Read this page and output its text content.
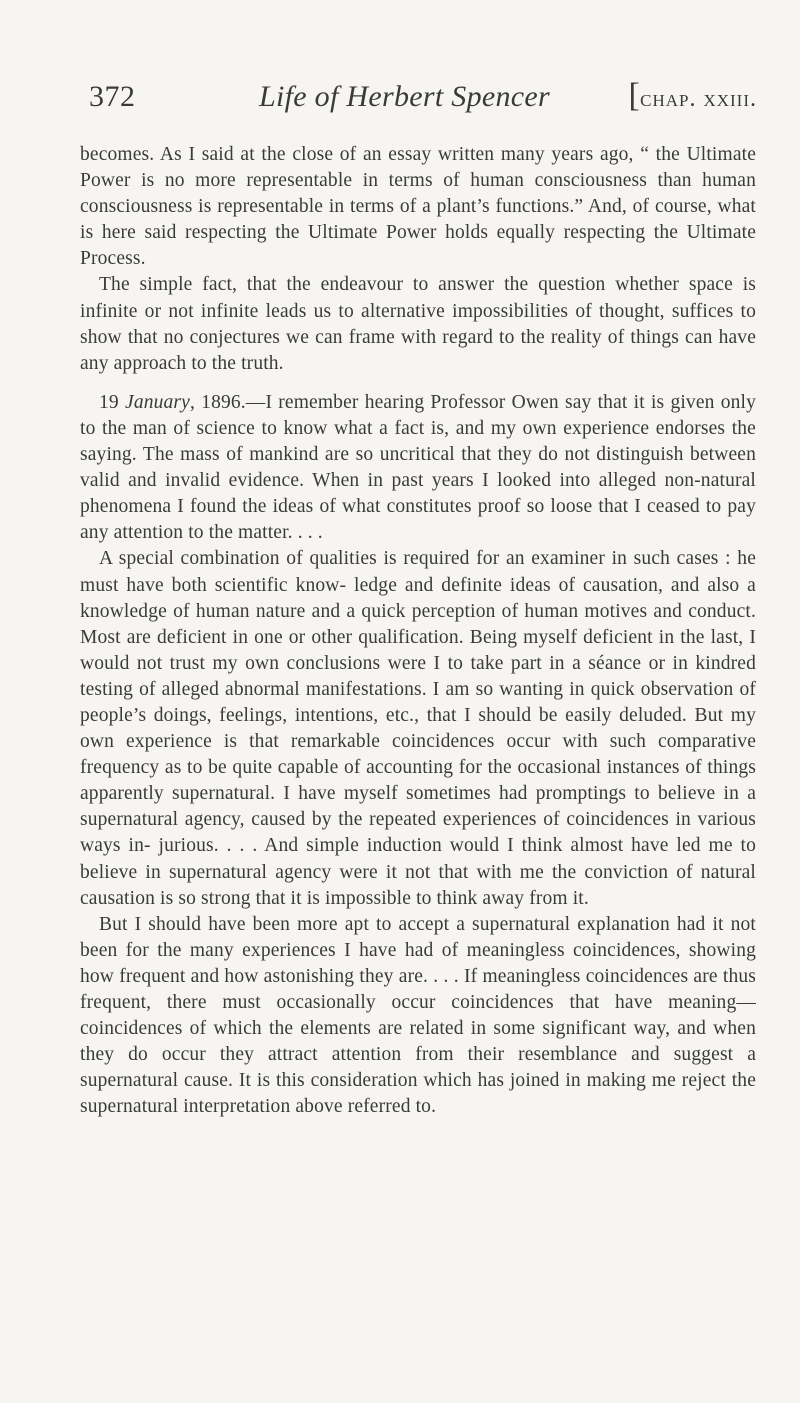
372	Life of Herbert Spencer [chap. xxiii.

becomes. As I said at the close of an essay written many years ago, “ the Ultimate Power is no more representable in terms of human consciousness than human consciousness is representable in terms of a plant’s functions.” And, of course, what is here said respecting the Ultimate Power holds equally respecting the Ultimate Process.

The simple fact, that the endeavour to answer the question whether space is infinite or not infinite leads us to alternative impossibilities of thought, suffices to show that no conjectures we can frame with regard to the reality of things can have any approach to the truth.

19 January, 1896.—I remember hearing Professor Owen say that it is given only to the man of science to know what a fact is, and my own experience endorses the saying. The mass of mankind are so uncritical that they do not distinguish between valid and invalid evidence. When in past years I looked into alleged non-natural phenomena I found the ideas of what constitutes proof so loose that I ceased to pay any attention to the matter. . . .

A special combination of qualities is required for an examiner in such cases : he must have both scientific know- ledge and definite ideas of causation, and also a knowledge of human nature and a quick perception of human motives and conduct. Most are deficient in one or other qualification. Being myself deficient in the last, I would not trust my own conclusions were I to take part in a séance or in kindred testing of alleged abnormal manifestations. I am so wanting in quick observation of people’s doings, feelings, intentions, etc., that I should be easily deluded. But my own experience is that remarkable coincidences occur with such comparative frequency as to be quite capable of accounting for the occasional instances of things apparently supernatural. I have myself sometimes had promptings to believe in a supernatural agency, caused by the repeated experiences of coincidences in various ways in- jurious. . . . And simple induction would I think almost have led me to believe in supernatural agency were it not that with me the conviction of natural causation is so strong that it is impossible to think away from it.

But I should have been more apt to accept a supernatural explanation had it not been for the many experiences I have had of meaningless coincidences, showing how frequent and how astonishing they are. . . . If meaningless coincidences are thus frequent, there must occasionally occur coincidences that have meaning—coincidences of which the elements are related in some significant way, and when they do occur they attract attention from their resemblance and suggest a supernatural cause. It is this consideration which has joined in making me reject the supernatural interpretation above referred to.
